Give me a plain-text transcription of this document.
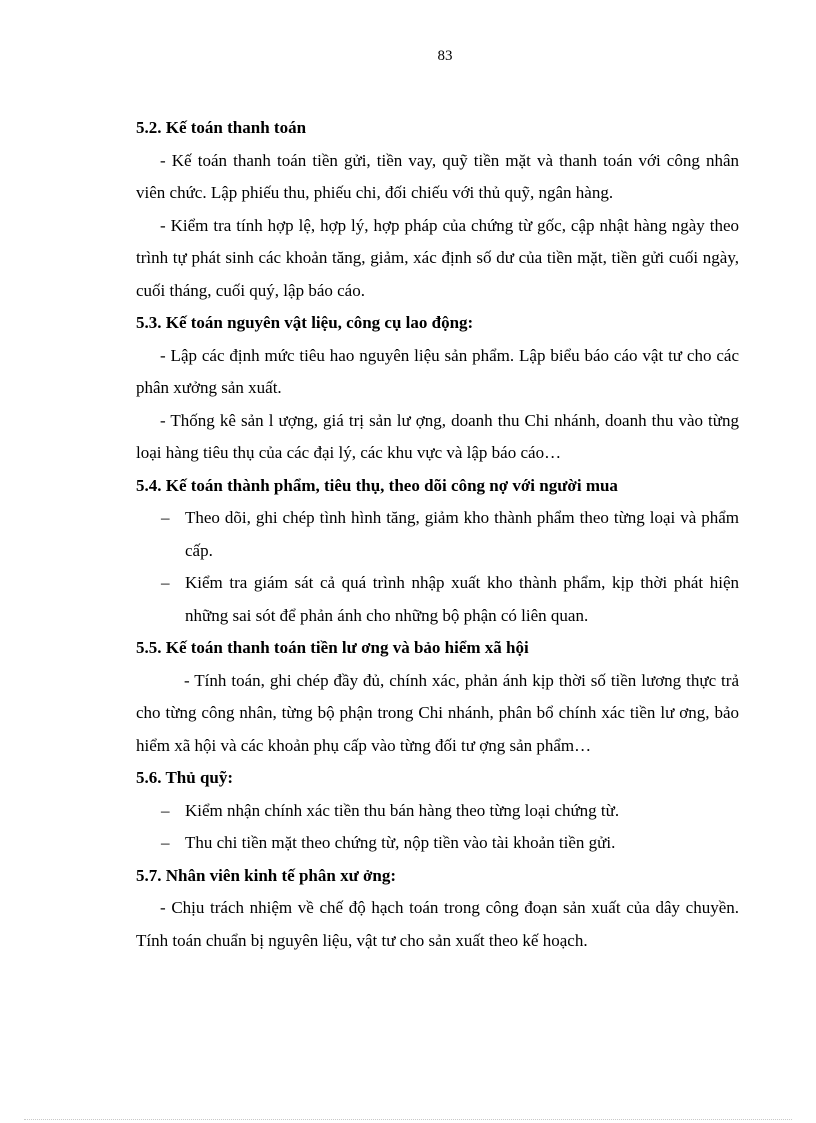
83

5.2. Kế toán thanh toán

- Kế toán thanh toán tiền gửi, tiền vay, quỹ tiền mặt và thanh toán với công nhân viên chức. Lập phiếu thu, phiếu chi, đối chiếu với thủ quỹ, ngân hàng.

- Kiểm tra tính hợp lệ, hợp lý, hợp pháp của chứng từ gốc, cập nhật hàng ngày theo trình tự phát sinh các khoản tăng, giảm, xác định số dư của tiền mặt, tiền gửi cuối ngày, cuối tháng, cuối quý, lập báo cáo.

5.3. Kế toán nguyên vật liệu, công cụ lao động:

- Lập các định mức tiêu hao nguyên liệu sản phẩm. Lập biểu báo cáo vật tư cho các phân xưởng sản xuất.

- Thống kê sản l ượng, giá trị sản lư ợng, doanh thu Chi nhánh, doanh thu vào từng loại hàng tiêu thụ của các đại lý, các khu vực và lập báo cáo…

5.4. Kế toán thành phẩm, tiêu thụ, theo dõi công nợ với người mua

– Theo dõi, ghi chép tình hình tăng, giảm kho thành phẩm theo từng loại và phẩm cấp.
– Kiểm tra giám sát cả quá trình nhập xuất kho thành phẩm, kịp thời phát hiện những sai sót để phản ánh cho những bộ phận có liên quan.

5.5. Kế toán thanh toán tiền lư ơng và bảo hiểm xã hội

- Tính toán, ghi chép đầy đủ, chính xác, phản ánh kịp thời số tiền lương thực trả cho từng công nhân, từng bộ phận trong Chi nhánh, phân bổ chính xác tiền lư ơng, bảo hiểm xã hội và các khoản phụ cấp vào từng đối tư ợng sản phẩm…

5.6. Thủ quỹ:

– Kiểm nhận chính xác tiền thu bán hàng theo từng loại chứng từ.
– Thu chi tiền mặt theo chứng từ, nộp tiền vào tài khoản tiền gửi.

5.7. Nhân viên kinh tế phân xư ởng:

- Chịu trách nhiệm về chế độ hạch toán trong công đoạn sản xuất của dây chuyền. Tính toán chuẩn bị nguyên liệu, vật tư cho sản xuất theo kế hoạch.
